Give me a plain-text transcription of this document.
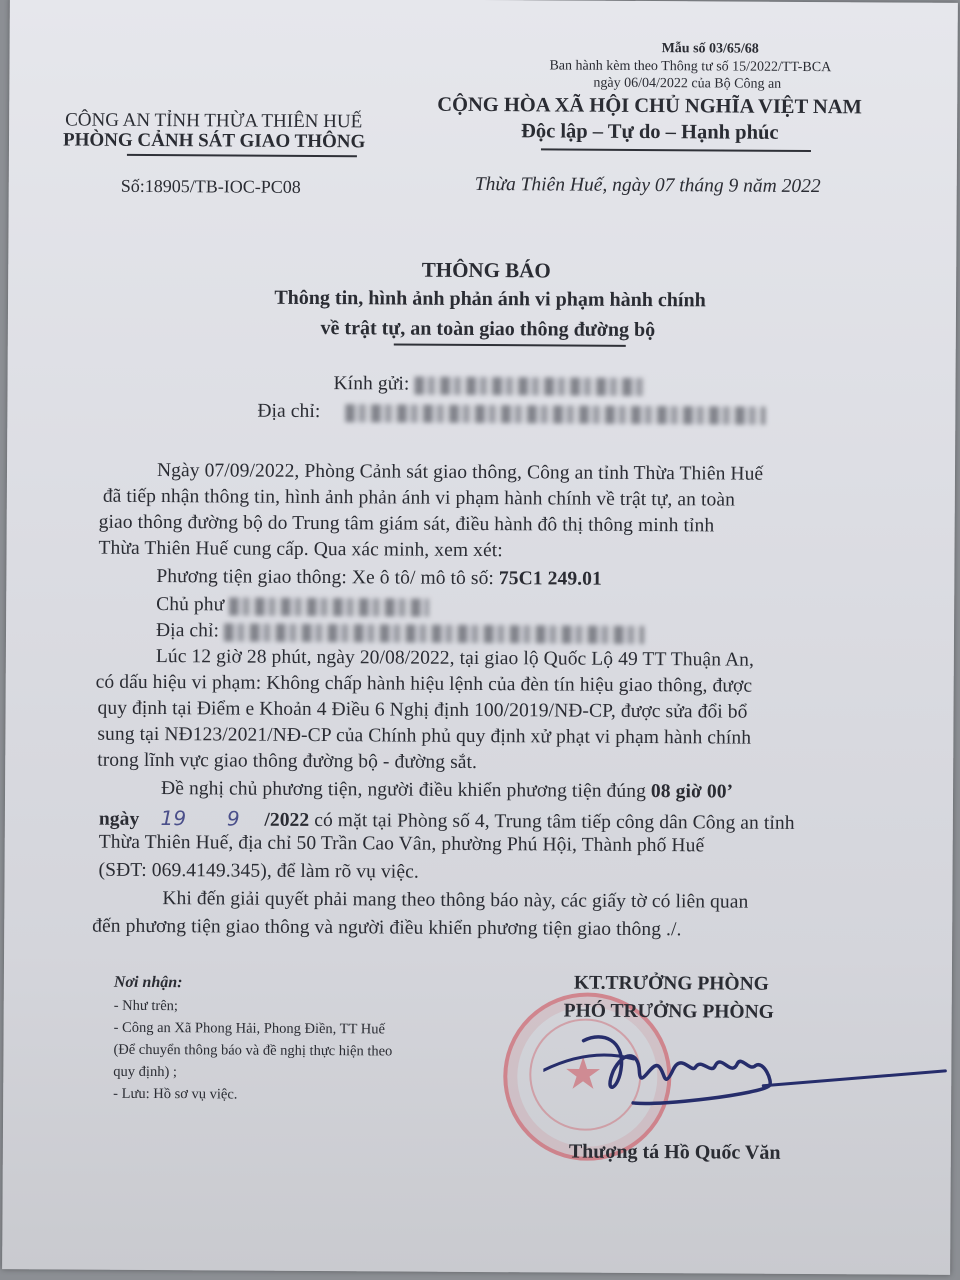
Mẫu số 03/65/68
Ban hành kèm theo Thông tư số 15/2022/TT-BCA
ngày 06/04/2022 của Bộ Công an
CÔNG AN TỈNH THỪA THIÊN HUẾ
PHÒNG CẢNH SÁT GIAO THÔNG
Số:18905/TB-IOC-PC08
CỘNG HÒA XÃ HỘI CHỦ NGHĨA VIỆT NAM
Độc lập – Tự do – Hạnh phúc
Thừa Thiên Huế, ngày 07 tháng 9 năm 2022
THÔNG BÁO
Thông tin, hình ảnh phản ánh vi phạm hành chính
về trật tự, an toàn giao thông đường bộ
Kính gửi:
Địa chỉ:
Ngày 07/09/2022, Phòng Cảnh sát giao thông, Công an tỉnh Thừa Thiên Huế
đã tiếp nhận thông tin, hình ảnh phản ánh vi phạm hành chính về trật tự, an toàn
giao thông đường bộ do Trung tâm giám sát, điều hành đô thị thông minh tỉnh
Thừa Thiên Huế cung cấp. Qua xác minh, xem xét:
Phương tiện giao thông: Xe ô tô/ mô tô số: 75C1 249.01
Chủ phư
Địa chỉ:
Lúc 12 giờ 28 phút, ngày 20/08/2022, tại giao lộ Quốc Lộ 49 TT Thuận An,
có dấu hiệu vi phạm: Không chấp hành hiệu lệnh của đèn tín hiệu giao thông, được
quy định tại Điểm e Khoản 4 Điều 6 Nghị định 100/2019/NĐ-CP, được sửa đổi bổ
sung tại NĐ123/2021/NĐ-CP của Chính phủ quy định xử phạt vi phạm hành chính
trong lĩnh vực giao thông đường bộ - đường sắt.
Đề nghị chủ phương tiện, người điều khiển phương tiện đúng 08 giờ 00’
ngày 19 9 /2022 có mặt tại Phòng số 4, Trung tâm tiếp công dân Công an tỉnh
Thừa Thiên Huế, địa chỉ 50 Trần Cao Vân, phường Phú Hội, Thành phố Huế
(SĐT: 069.4149.345), để làm rõ vụ việc.
Khi đến giải quyết phải mang theo thông báo này, các giấy tờ có liên quan
đến phương tiện giao thông và người điều khiển phương tiện giao thông ./.
Nơi nhận:
- Như trên;
- Công an Xã Phong Hải, Phong Điền, TT Huế
(Để chuyển thông báo và đề nghị thực hiện theo
quy định) ;
- Lưu: Hồ sơ vụ việc.	★
KT.TRƯỞNG PHÒNG
PHÓ TRƯỞNG PHÒNG
Thượng tá Hồ Quốc Văn
